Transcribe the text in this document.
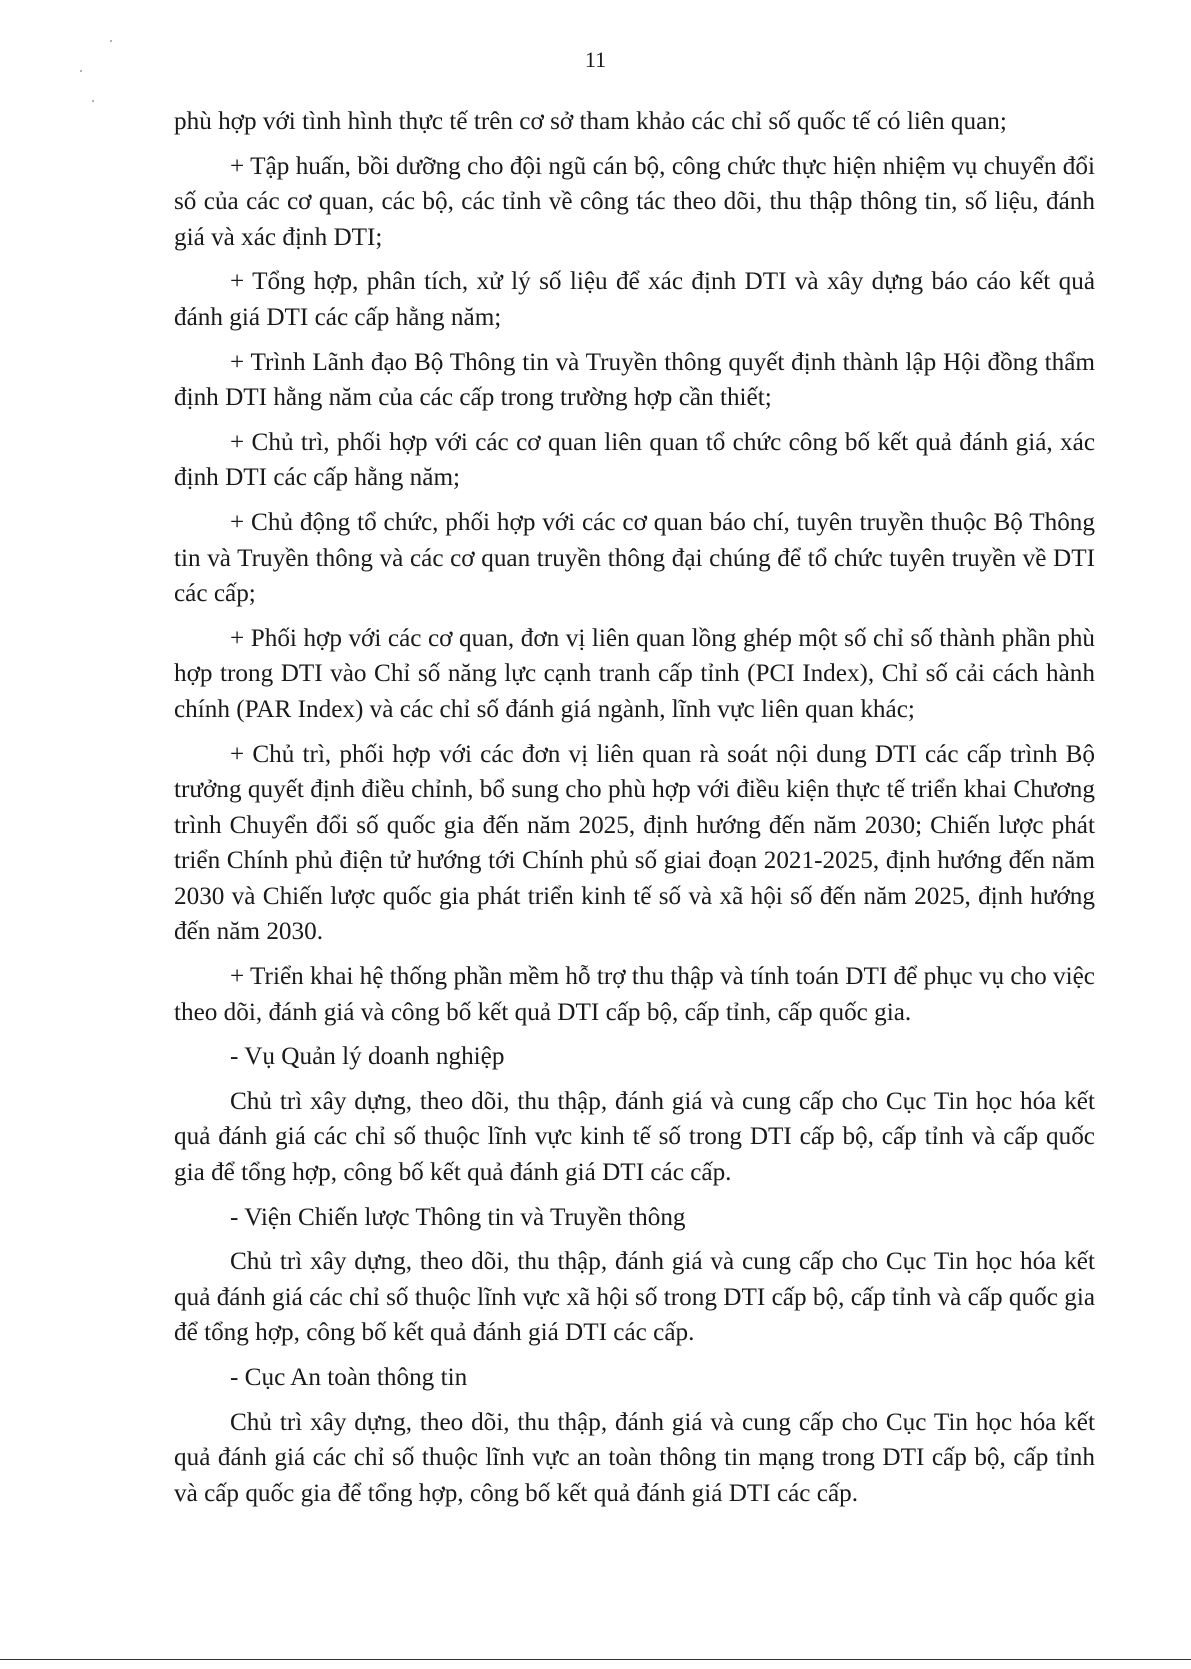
11

phù hợp với tình hình thực tế trên cơ sở tham khảo các chỉ số quốc tế có liên quan;

+ Tập huấn, bồi dưỡng cho đội ngũ cán bộ, công chức thực hiện nhiệm vụ chuyển đổi số của các cơ quan, các bộ, các tỉnh về công tác theo dõi, thu thập thông tin, số liệu, đánh giá và xác định DTI;

+ Tổng hợp, phân tích, xử lý số liệu để xác định DTI và xây dựng báo cáo kết quả đánh giá DTI các cấp hằng năm;

+ Trình Lãnh đạo Bộ Thông tin và Truyền thông quyết định thành lập Hội đồng thẩm định DTI hằng năm của các cấp trong trường hợp cần thiết;

+ Chủ trì, phối hợp với các cơ quan liên quan tổ chức công bố kết quả đánh giá, xác định DTI các cấp hằng năm;

+ Chủ động tổ chức, phối hợp với các cơ quan báo chí, tuyên truyền thuộc Bộ Thông tin và Truyền thông và các cơ quan truyền thông đại chúng để tổ chức tuyên truyền về DTI các cấp;

+ Phối hợp với các cơ quan, đơn vị liên quan lồng ghép một số chỉ số thành phần phù hợp trong DTI vào Chỉ số năng lực cạnh tranh cấp tỉnh (PCI Index), Chỉ số cải cách hành chính (PAR Index) và các chỉ số đánh giá ngành, lĩnh vực liên quan khác;

+ Chủ trì, phối hợp với các đơn vị liên quan rà soát nội dung DTI các cấp trình Bộ trưởng quyết định điều chỉnh, bổ sung cho phù hợp với điều kiện thực tế triển khai Chương trình Chuyển đổi số quốc gia đến năm 2025, định hướng đến năm 2030; Chiến lược phát triển Chính phủ điện tử hướng tới Chính phủ số giai đoạn 2021-2025, định hướng đến năm 2030 và Chiến lược quốc gia phát triển kinh tế số và xã hội số đến năm 2025, định hướng đến năm 2030.

+ Triển khai hệ thống phần mềm hỗ trợ thu thập và tính toán DTI để phục vụ cho việc theo dõi, đánh giá và công bố kết quả DTI cấp bộ, cấp tỉnh, cấp quốc gia.

- Vụ Quản lý doanh nghiệp

Chủ trì xây dựng, theo dõi, thu thập, đánh giá và cung cấp cho Cục Tin học hóa kết quả đánh giá các chỉ số thuộc lĩnh vực kinh tế số trong DTI cấp bộ, cấp tỉnh và cấp quốc gia để tổng hợp, công bố kết quả đánh giá DTI các cấp.

- Viện Chiến lược Thông tin và Truyền thông

Chủ trì xây dựng, theo dõi, thu thập, đánh giá và cung cấp cho Cục Tin học hóa kết quả đánh giá các chỉ số thuộc lĩnh vực xã hội số trong DTI cấp bộ, cấp tỉnh và cấp quốc gia để tổng hợp, công bố kết quả đánh giá DTI các cấp.

- Cục An toàn thông tin

Chủ trì xây dựng, theo dõi, thu thập, đánh giá và cung cấp cho Cục Tin học hóa kết quả đánh giá các chỉ số thuộc lĩnh vực an toàn thông tin mạng trong DTI cấp bộ, cấp tỉnh và cấp quốc gia để tổng hợp, công bố kết quả đánh giá DTI các cấp.
